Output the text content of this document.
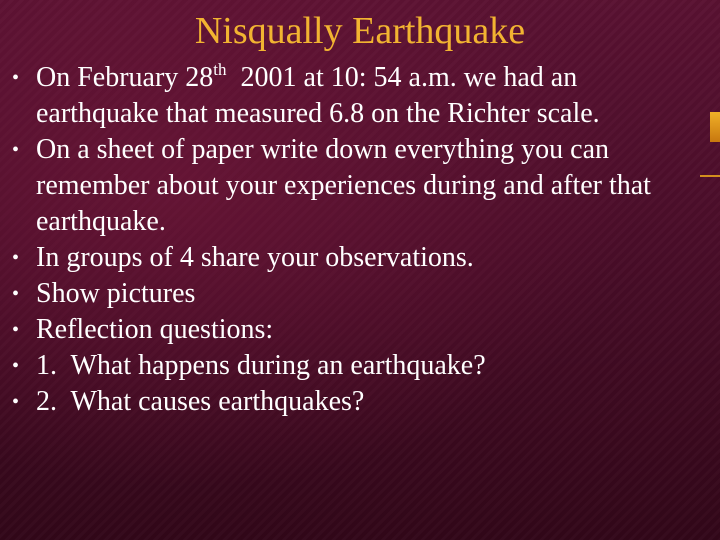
Nisqually Earthquake
• On February 28th  2001 at 10: 54 a.m. we had an earthquake that measured 6.8 on the Richter scale.
• On a sheet of paper write down everything you can remember about your experiences during and after that earthquake.
• In groups of 4 share your observations.
• Show pictures
• Reflection questions:
• 1.  What happens during an earthquake?
• 2.  What causes earthquakes?
